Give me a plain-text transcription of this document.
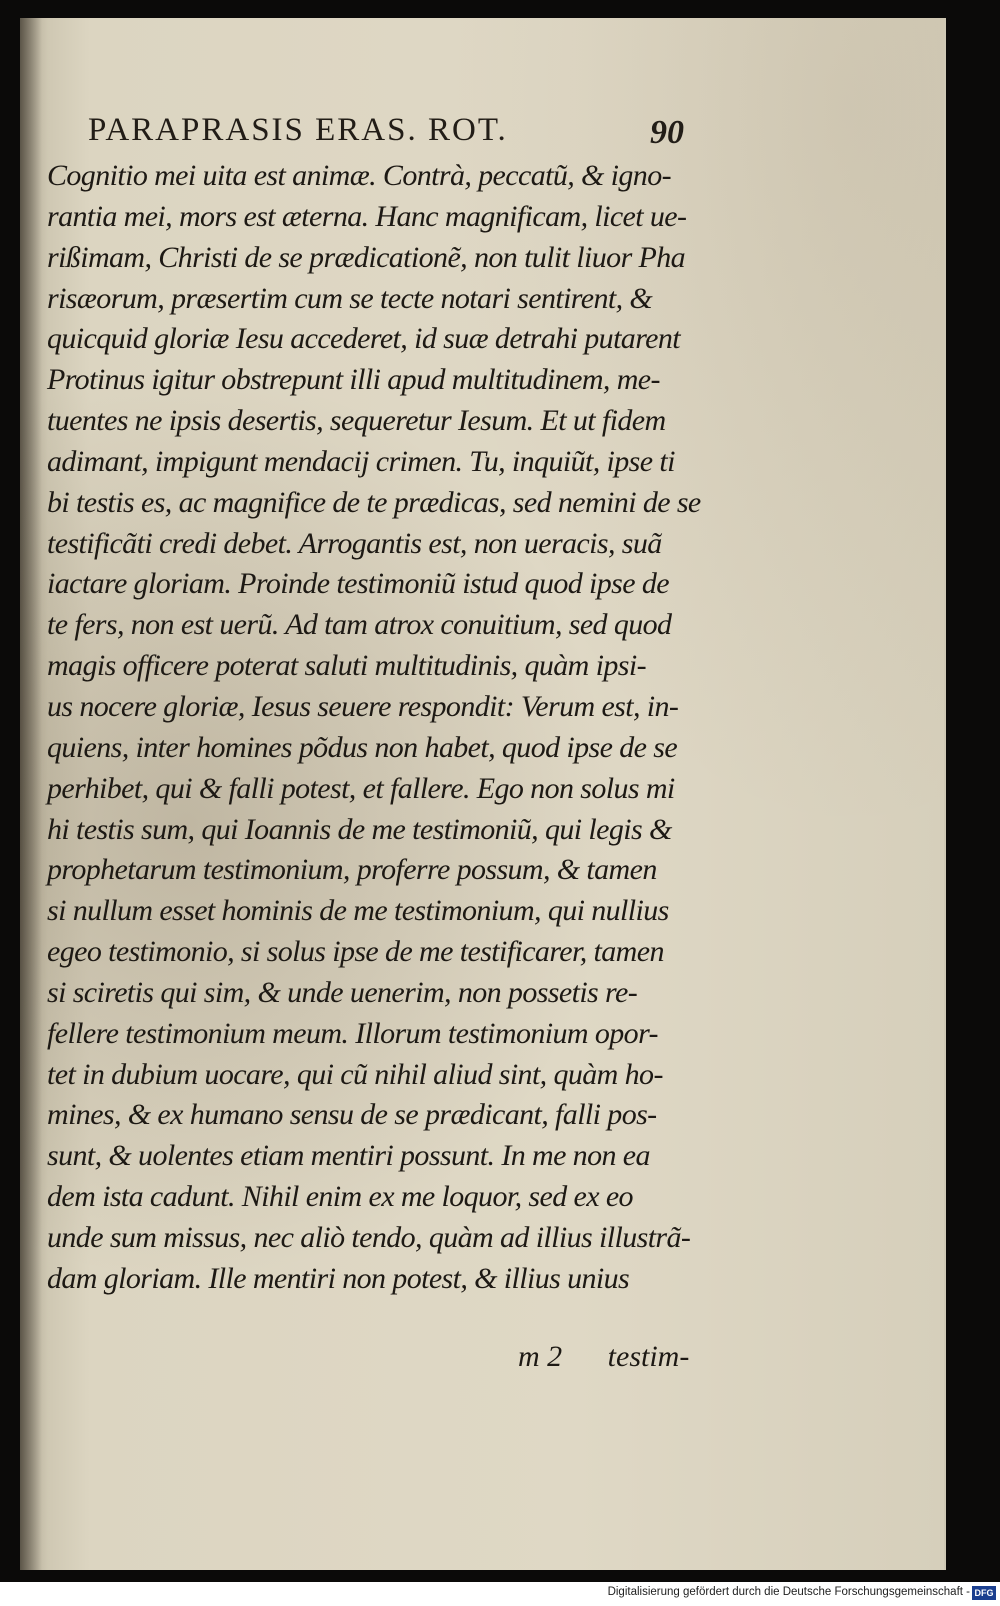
PARAPRASIS ERAS. ROT.	90
Cognitio mei uita est animæ. Contrà, peccatũ, & igno-
rantia mei, mors est æterna. Hanc magnificam, licet ue-
rißimam, Christi de se prædicationẽ, non tulit liuor Pha
risæorum, præsertim cum se tecte notari sentirent, &
quicquid gloriæ Iesu accederet, id suæ detrahi putarent
Protinus igitur obstrepunt illi apud multitudinem, me-
tuentes ne ipsis desertis, sequeretur Iesum. Et ut fidem
adimant, impigunt mendacij crimen. Tu, inquiũt, ipse ti
bi testis es, ac magnifice de te prædicas, sed nemini de se
testificãti credi debet. Arrogantis est, non ueracis, suã
iactare gloriam. Proinde testimoniũ istud quod ipse de
te fers, non est uerũ. Ad tam atrox conuitium, sed quod
magis officere poterat saluti multitudinis, quàm ipsi-
us nocere gloriæ, Iesus seuere respondit: Verum est, in-
quiens, inter homines põdus non habet, quod ipse de se
perhibet, qui & falli potest, et fallere. Ego non solus mi
hi testis sum, qui Ioannis de me testimoniũ, qui legis &
prophetarum testimonium, proferre possum, & tamen
si nullum esset hominis de me testimonium, qui nullius
egeo testimonio, si solus ipse de me testificarer, tamen
si sciretis qui sim, & unde uenerim, non possetis re-
fellere testimonium meum. Illorum testimonium opor-
tet in dubium uocare, qui cũ nihil aliud sint, quàm ho-
mines, & ex humano sensu de se prædicant, falli pos-
sunt, & uolentes etiam mentiri possunt. In me non ea
dem ista cadunt. Nihil enim ex me loquor, sed ex eo
unde sum missus, nec aliò tendo, quàm ad illius illustrã-
dam gloriam. Ille mentiri non potest, & illius unius
m 2 testim-
Digitalisierung gefördert durch die Deutsche Forschungsgemeinschaft - DFG
